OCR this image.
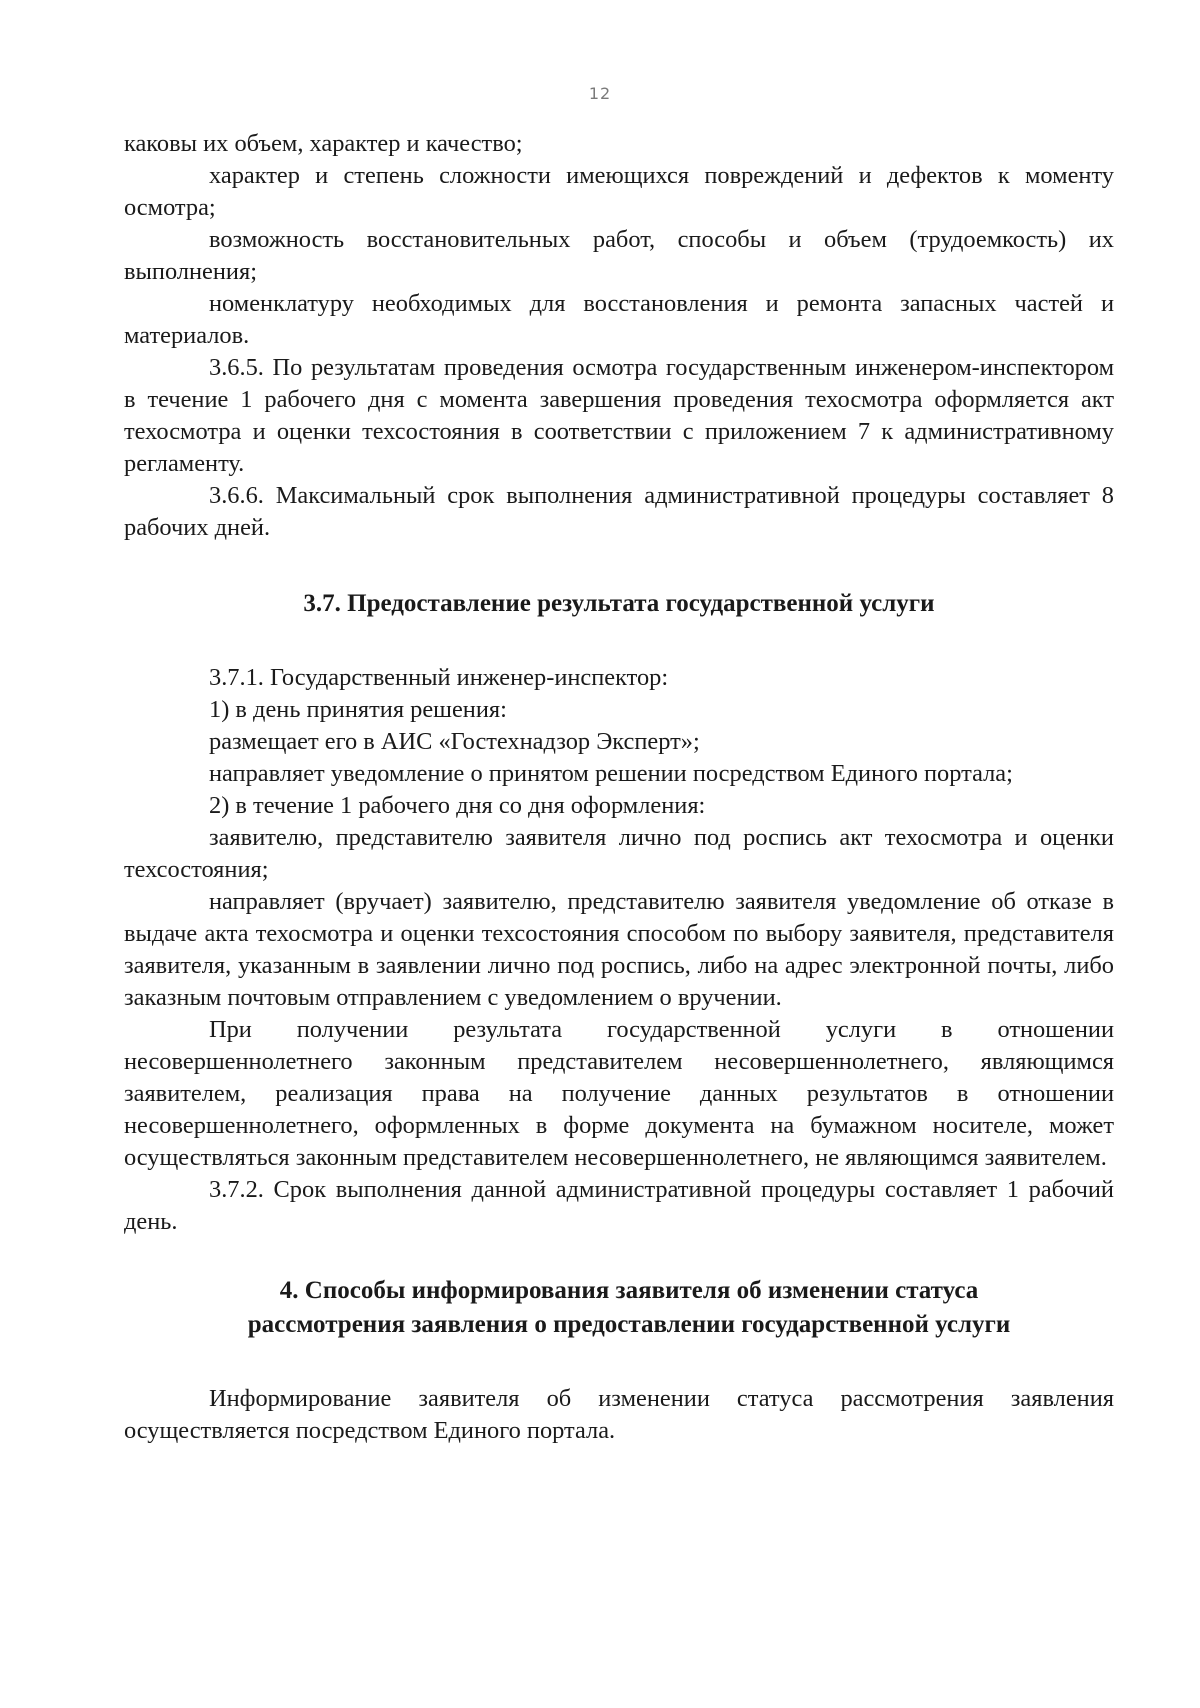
12

каковы их объем, характер и качество;

характер и степень сложности имеющихся повреждений и дефектов к моменту осмотра;

возможность восстановительных работ, способы и объем (трудоемкость) их выполнения;

номенклатуру необходимых для восстановления и ремонта запасных частей и материалов.

3.6.5. По результатам проведения осмотра государственным инженером-инспектором в течение 1 рабочего дня с момента завершения проведения техосмотра оформляется акт техосмотра и оценки техсостояния в соответствии с приложением 7 к административному регламенту.

3.6.6. Максимальный срок выполнения административной процедуры составляет 8 рабочих дней.

3.7. Предоставление результата государственной услуги

3.7.1. Государственный инженер-инспектор:

1) в день принятия решения:

размещает его в АИС «Гостехнадзор Эксперт»;

направляет уведомление о принятом решении посредством Единого портала;

2) в течение 1 рабочего дня со дня оформления:

заявителю, представителю заявителя лично под роспись акт техосмотра и оценки техсостояния;

направляет (вручает) заявителю, представителю заявителя уведомление об отказе в выдаче акта техосмотра и оценки техсостояния способом по выбору заявителя, представителя заявителя, указанным в заявлении лично под роспись, либо на адрес электронной почты, либо заказным почтовым отправлением с уведомлением о вручении.

При получении результата государственной услуги в отношении несовершеннолетнего законным представителем несовершеннолетнего, являющимся заявителем, реализация права на получение данных результатов в отношении несовершеннолетнего, оформленных в форме документа на бумажном носителе, может осуществляться законным представителем несовершеннолетнего, не являющимся заявителем.

3.7.2. Срок выполнения данной административной процедуры составляет 1 рабочий день.

4. Способы информирования заявителя об изменении статуса
рассмотрения заявления о предоставлении государственной услуги

Информирование заявителя об изменении статуса рассмотрения заявления осуществляется посредством Единого портала.
